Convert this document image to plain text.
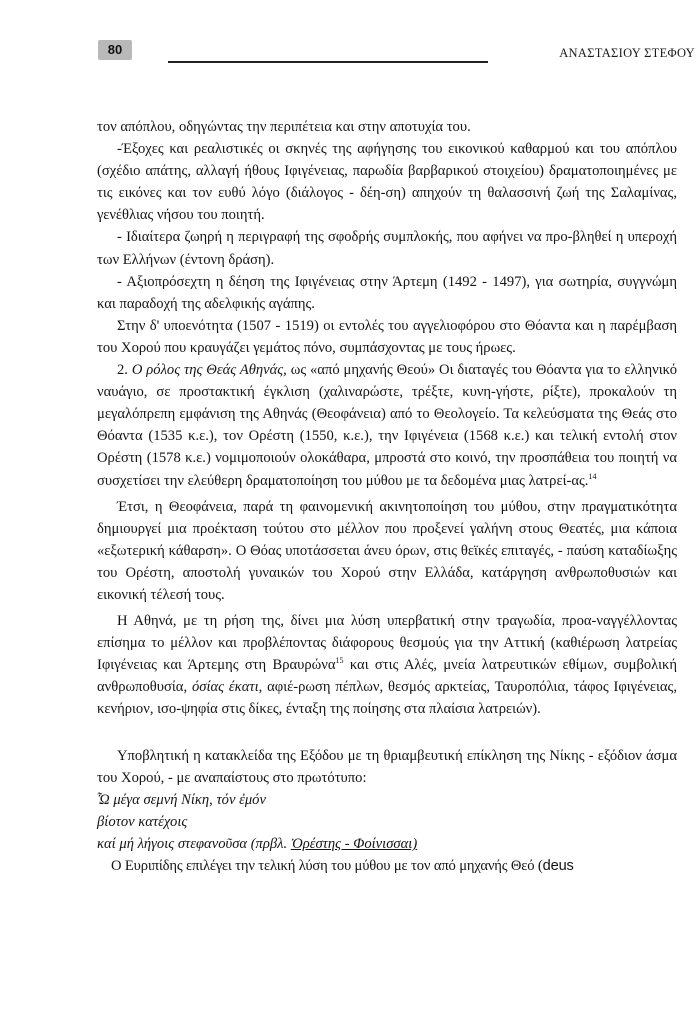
80	ΑΝΑΣΤΑΣΙΟΥ ΣΤΕΦΟΥ

τον απόπλου, οδηγώντας την περιπέτεια και στην αποτυχία του.

-Έξοχες και ρεαλιστικές οι σκηνές της αφήγησης του εικονικού καθαρμού και του απόπλου (σχέδιο απάτης, αλλαγή ήθους Ιφιγένειας, παρωδία βαρβαρικού στοιχείου) δραματοποιημένες με τις εικόνες και τον ευθύ λόγο (διάλογος - δέη-ση) απηχούν τη θαλασσινή ζωή της Σαλαμίνας, γενέθλιας νήσου του ποιητή.

- Ιδιαίτερα ζωηρή η περιγραφή της σφοδρής συμπλοκής, που αφήνει να προ-βληθεί η υπεροχή των Ελλήνων (έντονη δράση).

- Αξιοπρόσεχτη η δέηση της Ιφιγένειας στην Άρτεμη (1492 - 1497), για σωτηρία, συγγνώμη και παραδοχή της αδελφικής αγάπης.

Στην δ' υποενότητα (1507 - 1519) οι εντολές του αγγελιοφόρου στο Θόαντα και η παρέμβαση του Χορού που κραυγάζει γεμάτος πόνο, συμπάσχοντας με τους ήρωες.

2. Ο ρόλος της Θεάς Αθηνάς, ως «από μηχανής Θεού» Οι διαταγές του Θόαντα για το ελληνικό ναυάγιο, σε προστακτική έγκλιση (χαλιναρώστε, τρέξτε, κυνη-γήστε, ρίξτε), προκαλούν τη μεγαλόπρεπη εμφάνιση της Αθηνάς (Θεοφάνεια) από το Θεολογείο. Τα κελεύσματα της Θεάς στο Θόαντα (1535 κ.ε.), τον Ορέστη (1550, κ.ε.), την Ιφιγένεια (1568 κ.ε.) και τελική εντολή στον Ορέστη (1578 κ.ε.) νομιμοποιούν ολοκάθαρα, μπροστά στο κοινό, την προσπάθεια του ποιητή να συσχετίσει την ελεύθερη δραματοποίηση του μύθου με τα δεδομένα μιας λατρεί-ας.$^{14}$

Έτσι, η Θεοφάνεια, παρά τη φαινομενική ακινητοποίηση του μύθου, στην πραγματικότητα δημιουργεί μια προέκταση τούτου στο μέλλον που προξενεί γαλήνη στους Θεατές, μια κάποια «εξωτερική κάθαρση». Ο Θόας υποτάσσεται άνευ όρων, στις θεϊκές επιταγές, - παύση καταδίωξης του Ορέστη, αποστολή γυναικών του Χορού στην Ελλάδα, κατάργηση ανθρωποθυσιών και εικονική τέλεσή τους.

Η Αθηνά, με τη ρήση της, δίνει μια λύση υπερβατική στην τραγωδία, προα-ναγγέλλοντας επίσημα το μέλλον και προβλέποντας διάφορους θεσμούς για την Αττική (καθιέρωση λατρείας Ιφιγένειας και Άρτεμης στη Βραυρώνα$^{15}$ και στις Αλές, μνεία λατρευτικών εθίμων, συμβολική ανθρωποθυσία, όσίας έκατι, αφιέ-ρωση πέπλων, θεσμός αρκτείας, Ταυροπόλια, τάφος Ιφιγένειας, κενήριον, ισο-ψηφία στις δίκες, ένταξη της ποίησης στα πλαίσια λατρειών).

Υποβλητική η κατακλείδα της Εξόδου με τη θριαμβευτική επίκληση της Νίκης - εξόδιον άσμα του Χορού, - με αναπαίστους στο πρωτότυπο:

Ὦ μέγα σεμνή Νίκη, τόν ἐμόν
βίοτον κατέχοις
καί μή λήγοις στεφανοῦσα (πρβλ. Ὀρέστης - Φοίνισσαι)

Ο Ευριπίδης επιλέγει την τελική λύση του μύθου με τον από μηχανής Θεό (deus
